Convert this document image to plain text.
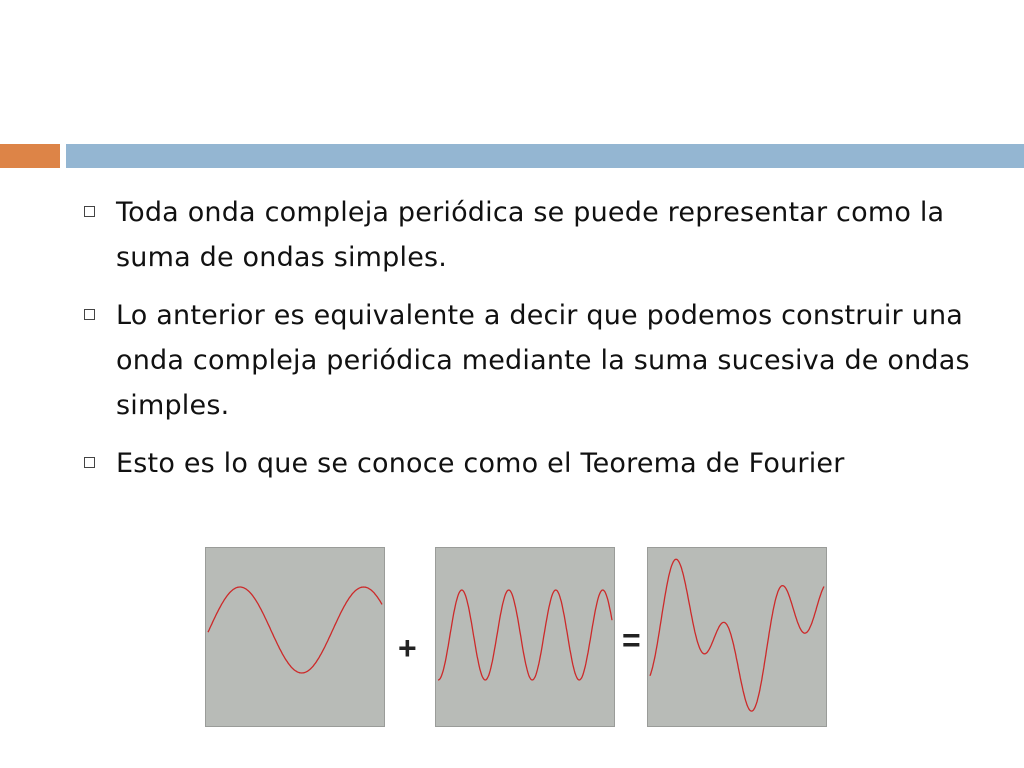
Toda onda compleja periódica se puede representar como la suma de ondas simples.
Lo anterior es equivalente a decir que podemos construir una onda compleja periódica mediante la suma sucesiva de ondas simples.
Esto es lo que se conoce como el Teorema de Fourier
+	=
